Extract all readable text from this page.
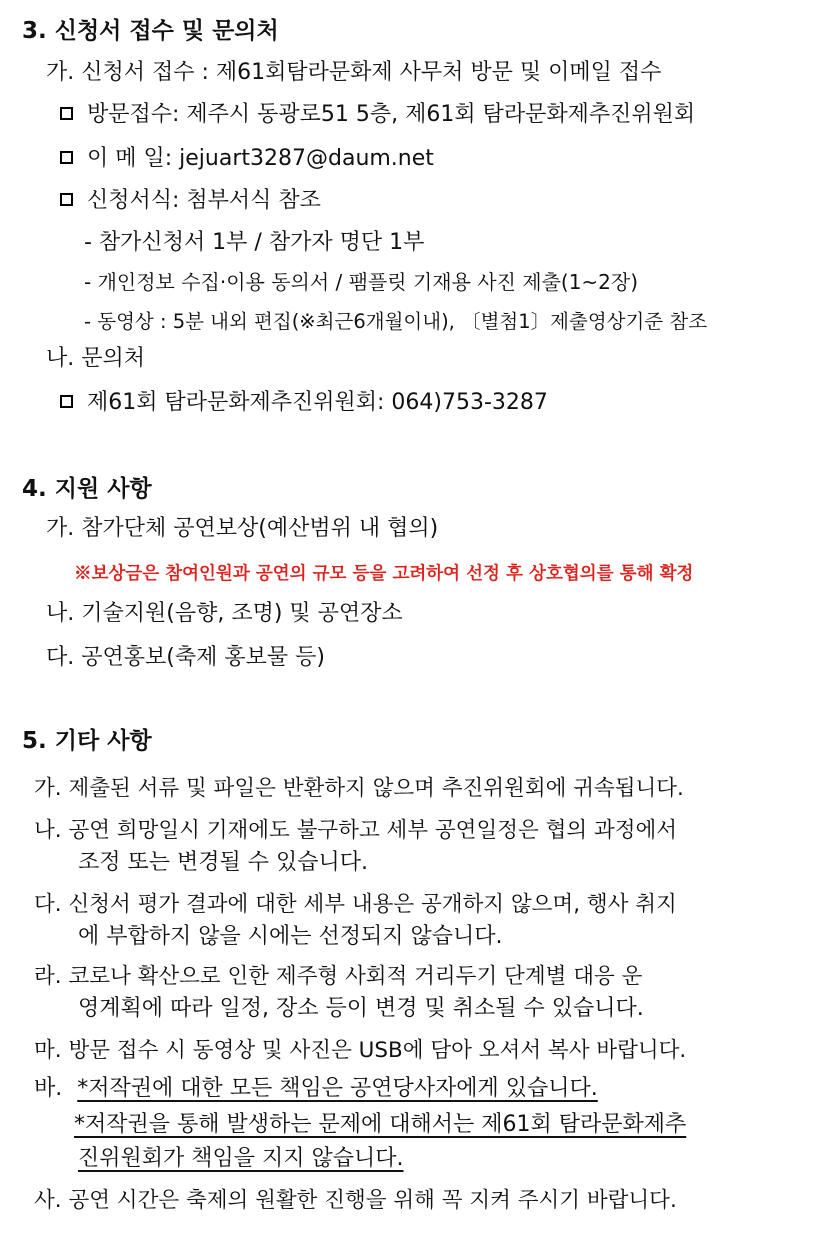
3. 신청서 접수 및 문의처
가. 신청서 접수 : 제61회탐라문화제 사무처 방문 및 이메일 접수
방문접수: 제주시 동광로51 5층, 제61회 탐라문화제추진위원회
이 메 일: jejuart3287@daum.net
신청서식: 첨부서식 참조
- 참가신청서 1부 / 참가자 명단 1부
- 개인정보 수집·이용 동의서 / 팸플릿 기재용 사진 제출(1~2장)
- 동영상 : 5분 내외 편집(※최근6개월이내), 〔별첨1〕제출영상기준 참조
나. 문의처
제61회 탐라문화제추진위원회: 064)753-3287
4. 지원 사항
가. 참가단체 공연보상(예산범위 내 협의)
※보상금은 참여인원과 공연의 규모 등을 고려하여 선정 후 상호협의를 통해 확정
나. 기술지원(음향, 조명) 및 공연장소
다. 공연홍보(축제 홍보물 등)
5. 기타 사항
가. 제출된 서류 및 파일은 반환하지 않으며 추진위원회에 귀속됩니다.
나. 공연 희망일시 기재에도 불구하고 세부 공연일정은 협의 과정에서
조정 또는 변경될 수 있습니다.
다. 신청서 평가 결과에 대한 세부 내용은 공개하지 않으며, 행사 취지
에 부합하지 않을 시에는 선정되지 않습니다.
라. 코로나 확산으로 인한 제주형 사회적 거리두기 단계별 대응 운
영계획에 따라 일정, 장소 등이 변경 및 취소될 수 있습니다.
마. 방문 접수 시 동영상 및 사진은 USB에 담아 오셔서 복사 바랍니다.
바. *저작권에 대한 모든 책임은 공연당사자에게 있습니다.
*저작권을 통해 발생하는 문제에 대해서는 제61회 탐라문화제추
진위원회가 책임을 지지 않습니다.
사. 공연 시간은 축제의 원활한 진행을 위해 꼭 지켜 주시기 바랍니다.
